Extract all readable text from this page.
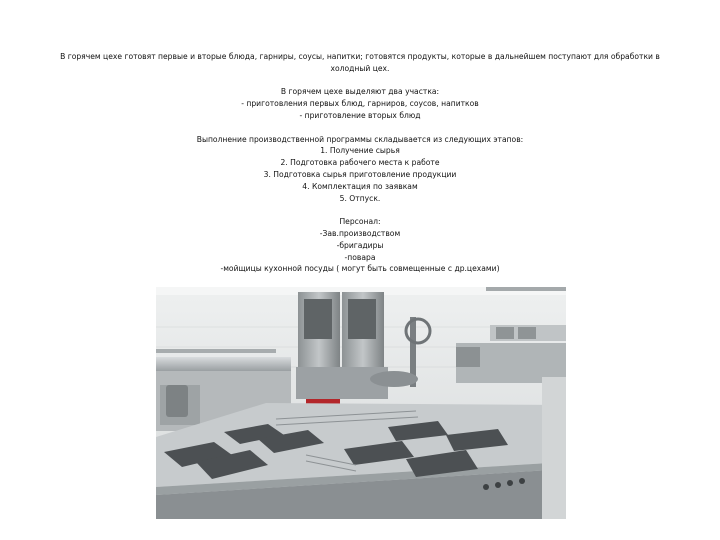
В горячем цехе готовят первые и вторые блюда, гарниры, соусы, напитки; готовятся продукты, которые в дальнейшем поступают для обработки в

холодный цех.

В горячем цехе выделяют два участка:

- приготовления первых блюд, гарниров, соусов, напитков

- приготовление вторых блюд

Выполнение производственной программы складывается из следующих этапов:

1. Получение сырья

2. Подготовка рабочего места к работе

3. Подготовка сырья приготовление продукции

4. Комплектация по заявкам

5. Отпуск.

Персонал:

-Зав.производством

-бригадиры

-повара

-мойщицы кухонной посуды ( могут быть совмещенные с др.цехами)
